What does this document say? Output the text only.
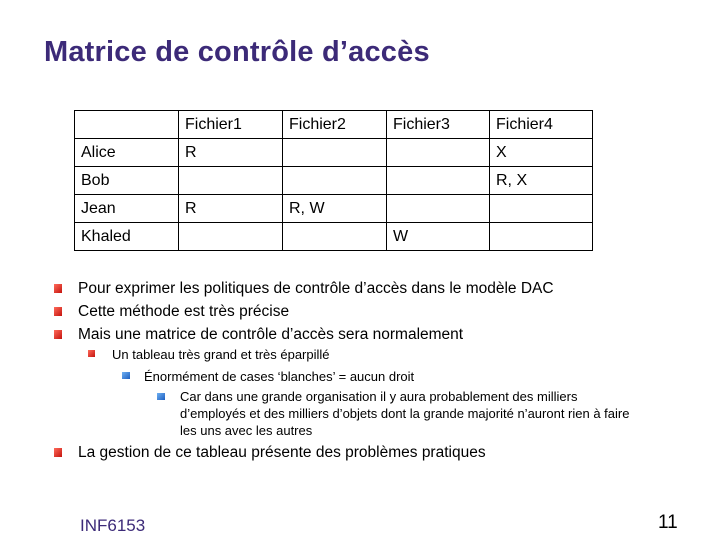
Matrice de contrôle d’accès
	Fichier1	Fichier2	Fichier3	Fichier4
Alice	R			X
Bob				R, X
Jean	R	R, W		
Khaled			W	
Pour exprimer les politiques de contrôle d’accès dans le modèle DAC
Cette méthode est très précise
Mais une matrice de contrôle d’accès sera normalement
Un tableau très grand et très éparpillé
Énormément de cases ‘blanches’ = aucun droit
Car dans une grande organisation il y aura probablement des milliers d’employés et des milliers d’objets dont la grande majorité n’auront rien à faire les uns avec les autres
La gestion de ce tableau présente des problèmes pratiques
INF6153	11
